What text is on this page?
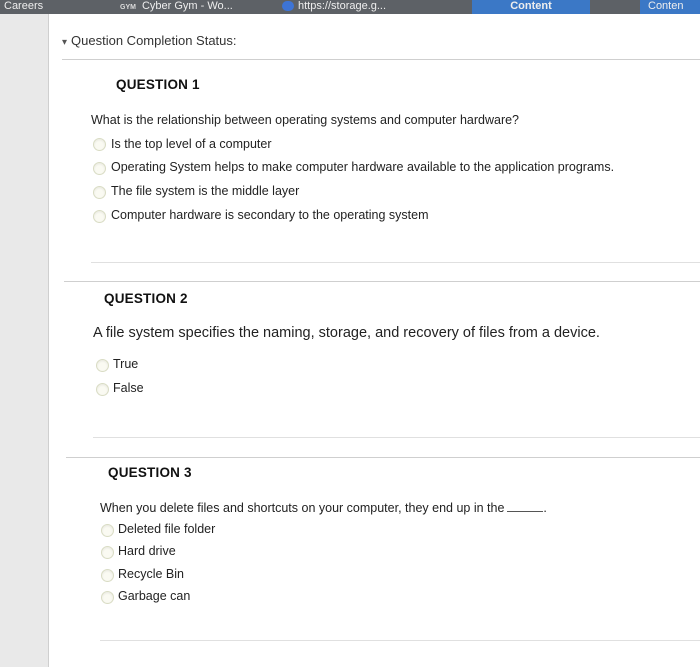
Careers	GYM Cyber Gym - Wo...	https://storage.g...	Content	Conten
▾ Question Completion Status:
QUESTION 1
What is the relationship between operating systems and computer hardware?
Is the top level of a computer
Operating System helps to make computer hardware available to the application programs.
The file system is the middle layer
Computer hardware is secondary to the operating system
QUESTION 2
A file system specifies the naming, storage, and recovery of files from a device.
True
False
QUESTION 3
When you delete files and shortcuts on your computer, they end up in the	.
Deleted file folder
Hard drive
Recycle Bin
Garbage can
